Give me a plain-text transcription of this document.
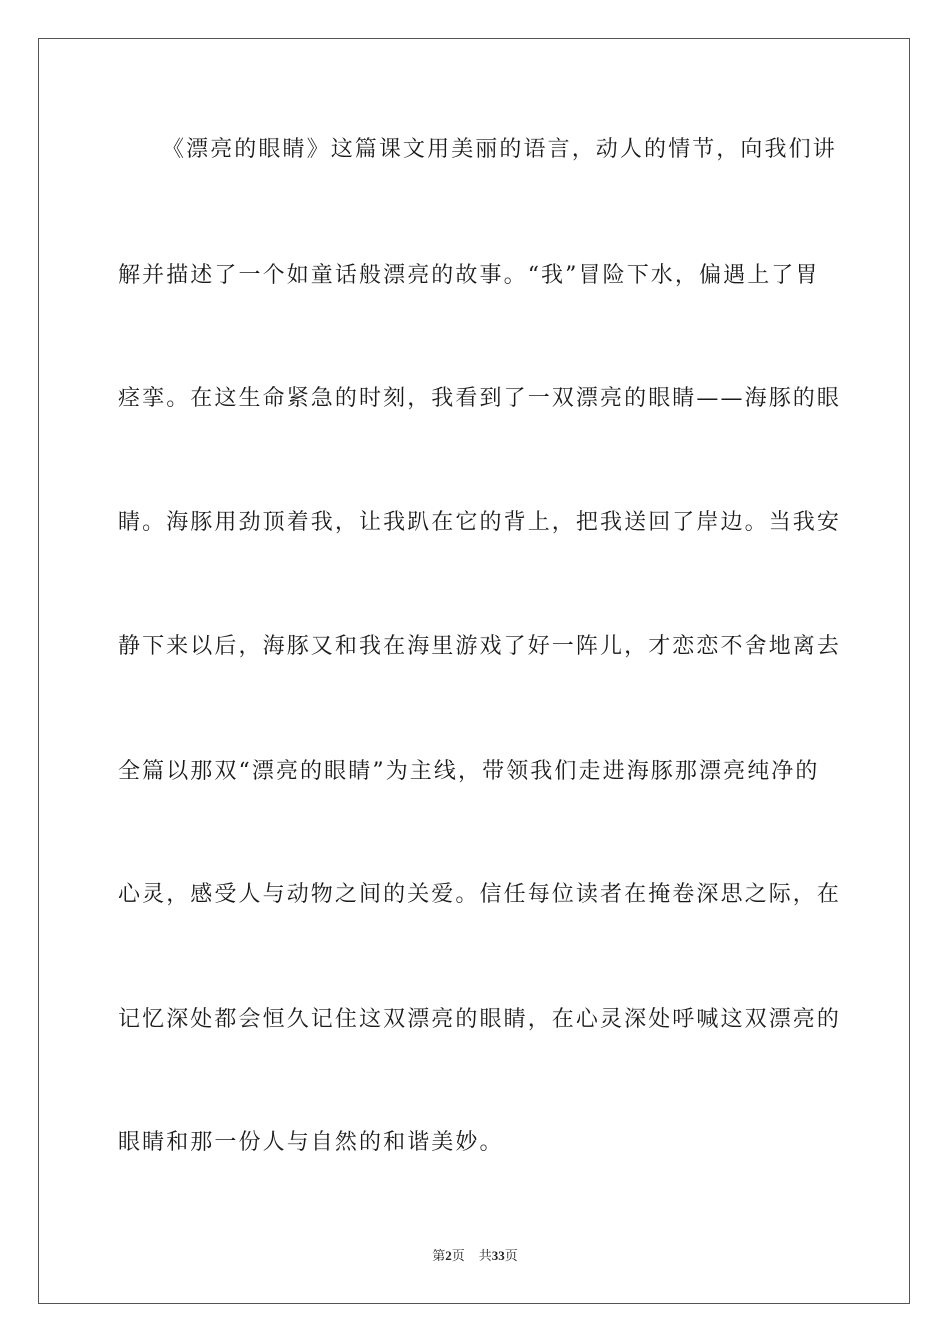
《漂亮的眼睛》这篇课文用美丽的语言，动人的情节，向我们讲
解并描述了一个如童话般漂亮的故事。“我”冒险下水，偏遇上了胃
痉挛。在这生命紧急的时刻，我看到了一双漂亮的眼睛——海豚的眼
睛。海豚用劲顶着我，让我趴在它的背上，把我送回了岸边。当我安
静下来以后，海豚又和我在海里游戏了好一阵儿，才恋恋不舍地离去
全篇以那双“漂亮的眼睛”为主线，带领我们走进海豚那漂亮纯净的
心灵，感受人与动物之间的关爱。信任每位读者在掩卷深思之际，在
记忆深处都会恒久记住这双漂亮的眼睛，在心灵深处呼喊这双漂亮的
眼睛和那一份人与自然的和谐美妙。
第2页 共33页
